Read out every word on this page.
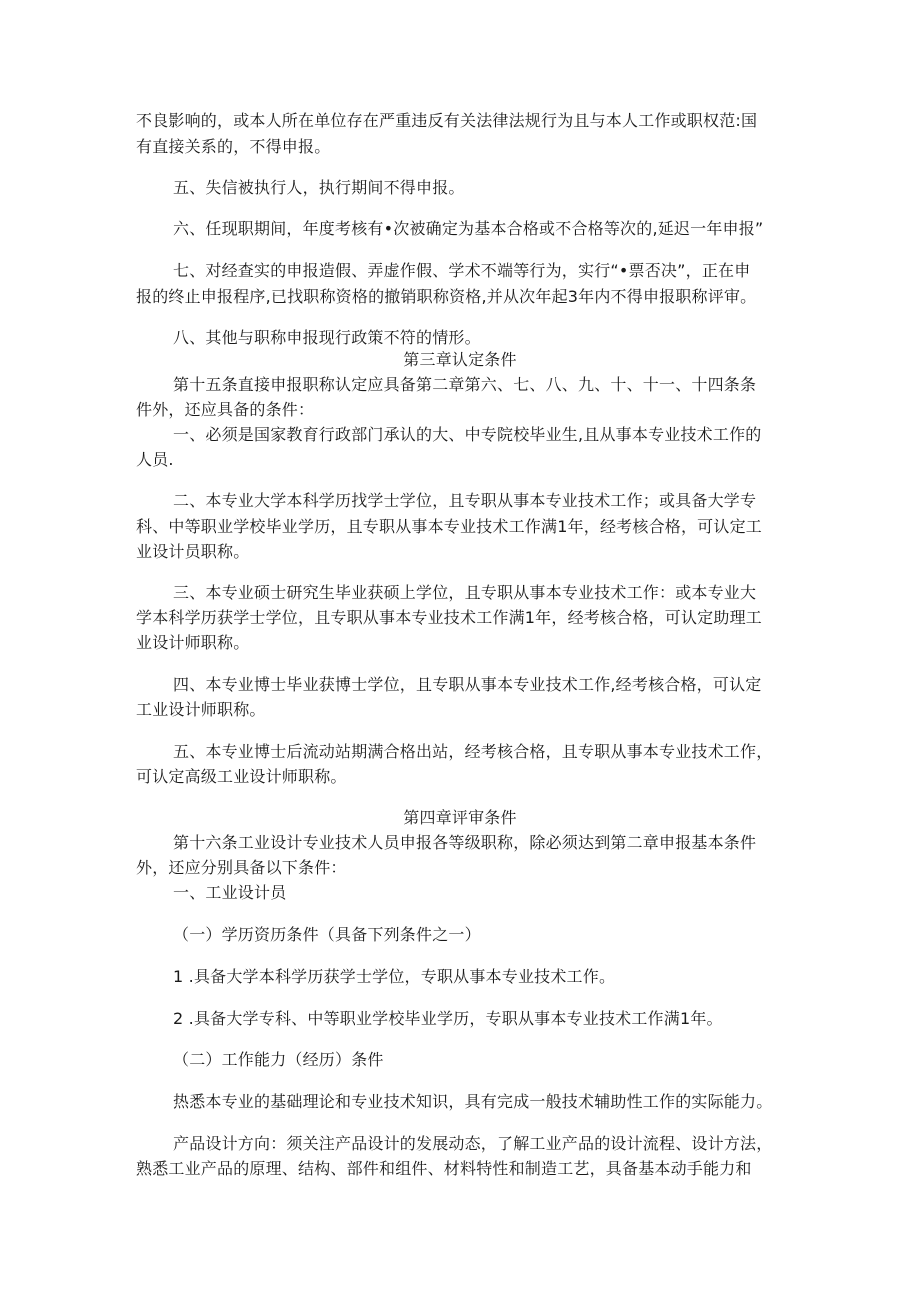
不良影响的，或本人所在单位存在严重违反有关法律法规行为且与本人工作或职权范:国
有直接关系的，不得申报。
五、失信被执行人，执行期间不得申报。
六、任现职期间，年度考核有•次被确定为基本合格或不合格等次的,延迟一年申报”
七、对经查实的申报造假、弄虚作假、学术不端等行为，实行“•票否决”，正在申
报的终止申报程序,已找职称资格的撤销职称资格,并从次年起3年内不得申报职称评审。
八、其他与职称申报现行政策不符的情形。
第三章认定条件
第十五条直接申报职称认定应具备第二章第六、七、八、九、十、十一、十四条条
件外，还应具备的条件：
一、必须是国家教育行政部门承认的大、中专院校毕业生,且从事本专业技术工作的
人员.
二、本专业大学本科学历找学士学位，且专职从事本专业技术工作；或具备大学专
科、中等职业学校毕业学历，且专职从事本专业技术工作满1年，经考核合格，可认定工
业设计员职称。
三、本专业硕士研究生毕业获硕上学位，且专职从事本专业技术工作：或本专业大
学本科学历获学士学位，且专职从事本专业技术工作满1年，经考核合格，可认定助理工
业设计师职称。
四、本专业博士毕业获博士学位，且专职从事本专业技术工作,经考核合格，可认定
工业设计师职称。
五、本专业博士后流动站期满合格出站，经考核合格，且专职从事本专业技术工作，
可认定高级工业设计师职称。
第四章评审条件
第十六条工业设计专业技术人员申报各等级职称，除必须达到第二章申报基本条件
外，还应分别具备以下条件：
一、工业设计员
（一）学历资历条件（具备下列条件之一）
1 .具备大学本科学历获学士学位，专职从事本专业技术工作。
2 .具备大学专科、中等职业学校毕业学历，专职从事本专业技术工作满1年。
（二）工作能力（经历）条件
热悉本专业的基础理论和专业技术知识，具有完成一般技术辅助性工作的实际能力。
产品设计方向：须关注产品设计的发展动态，了解工业产品的设计流程、设计方法，
熟悉工业产品的原理、结构、部件和组件、材料特性和制造工艺，具备基本动手能力和
